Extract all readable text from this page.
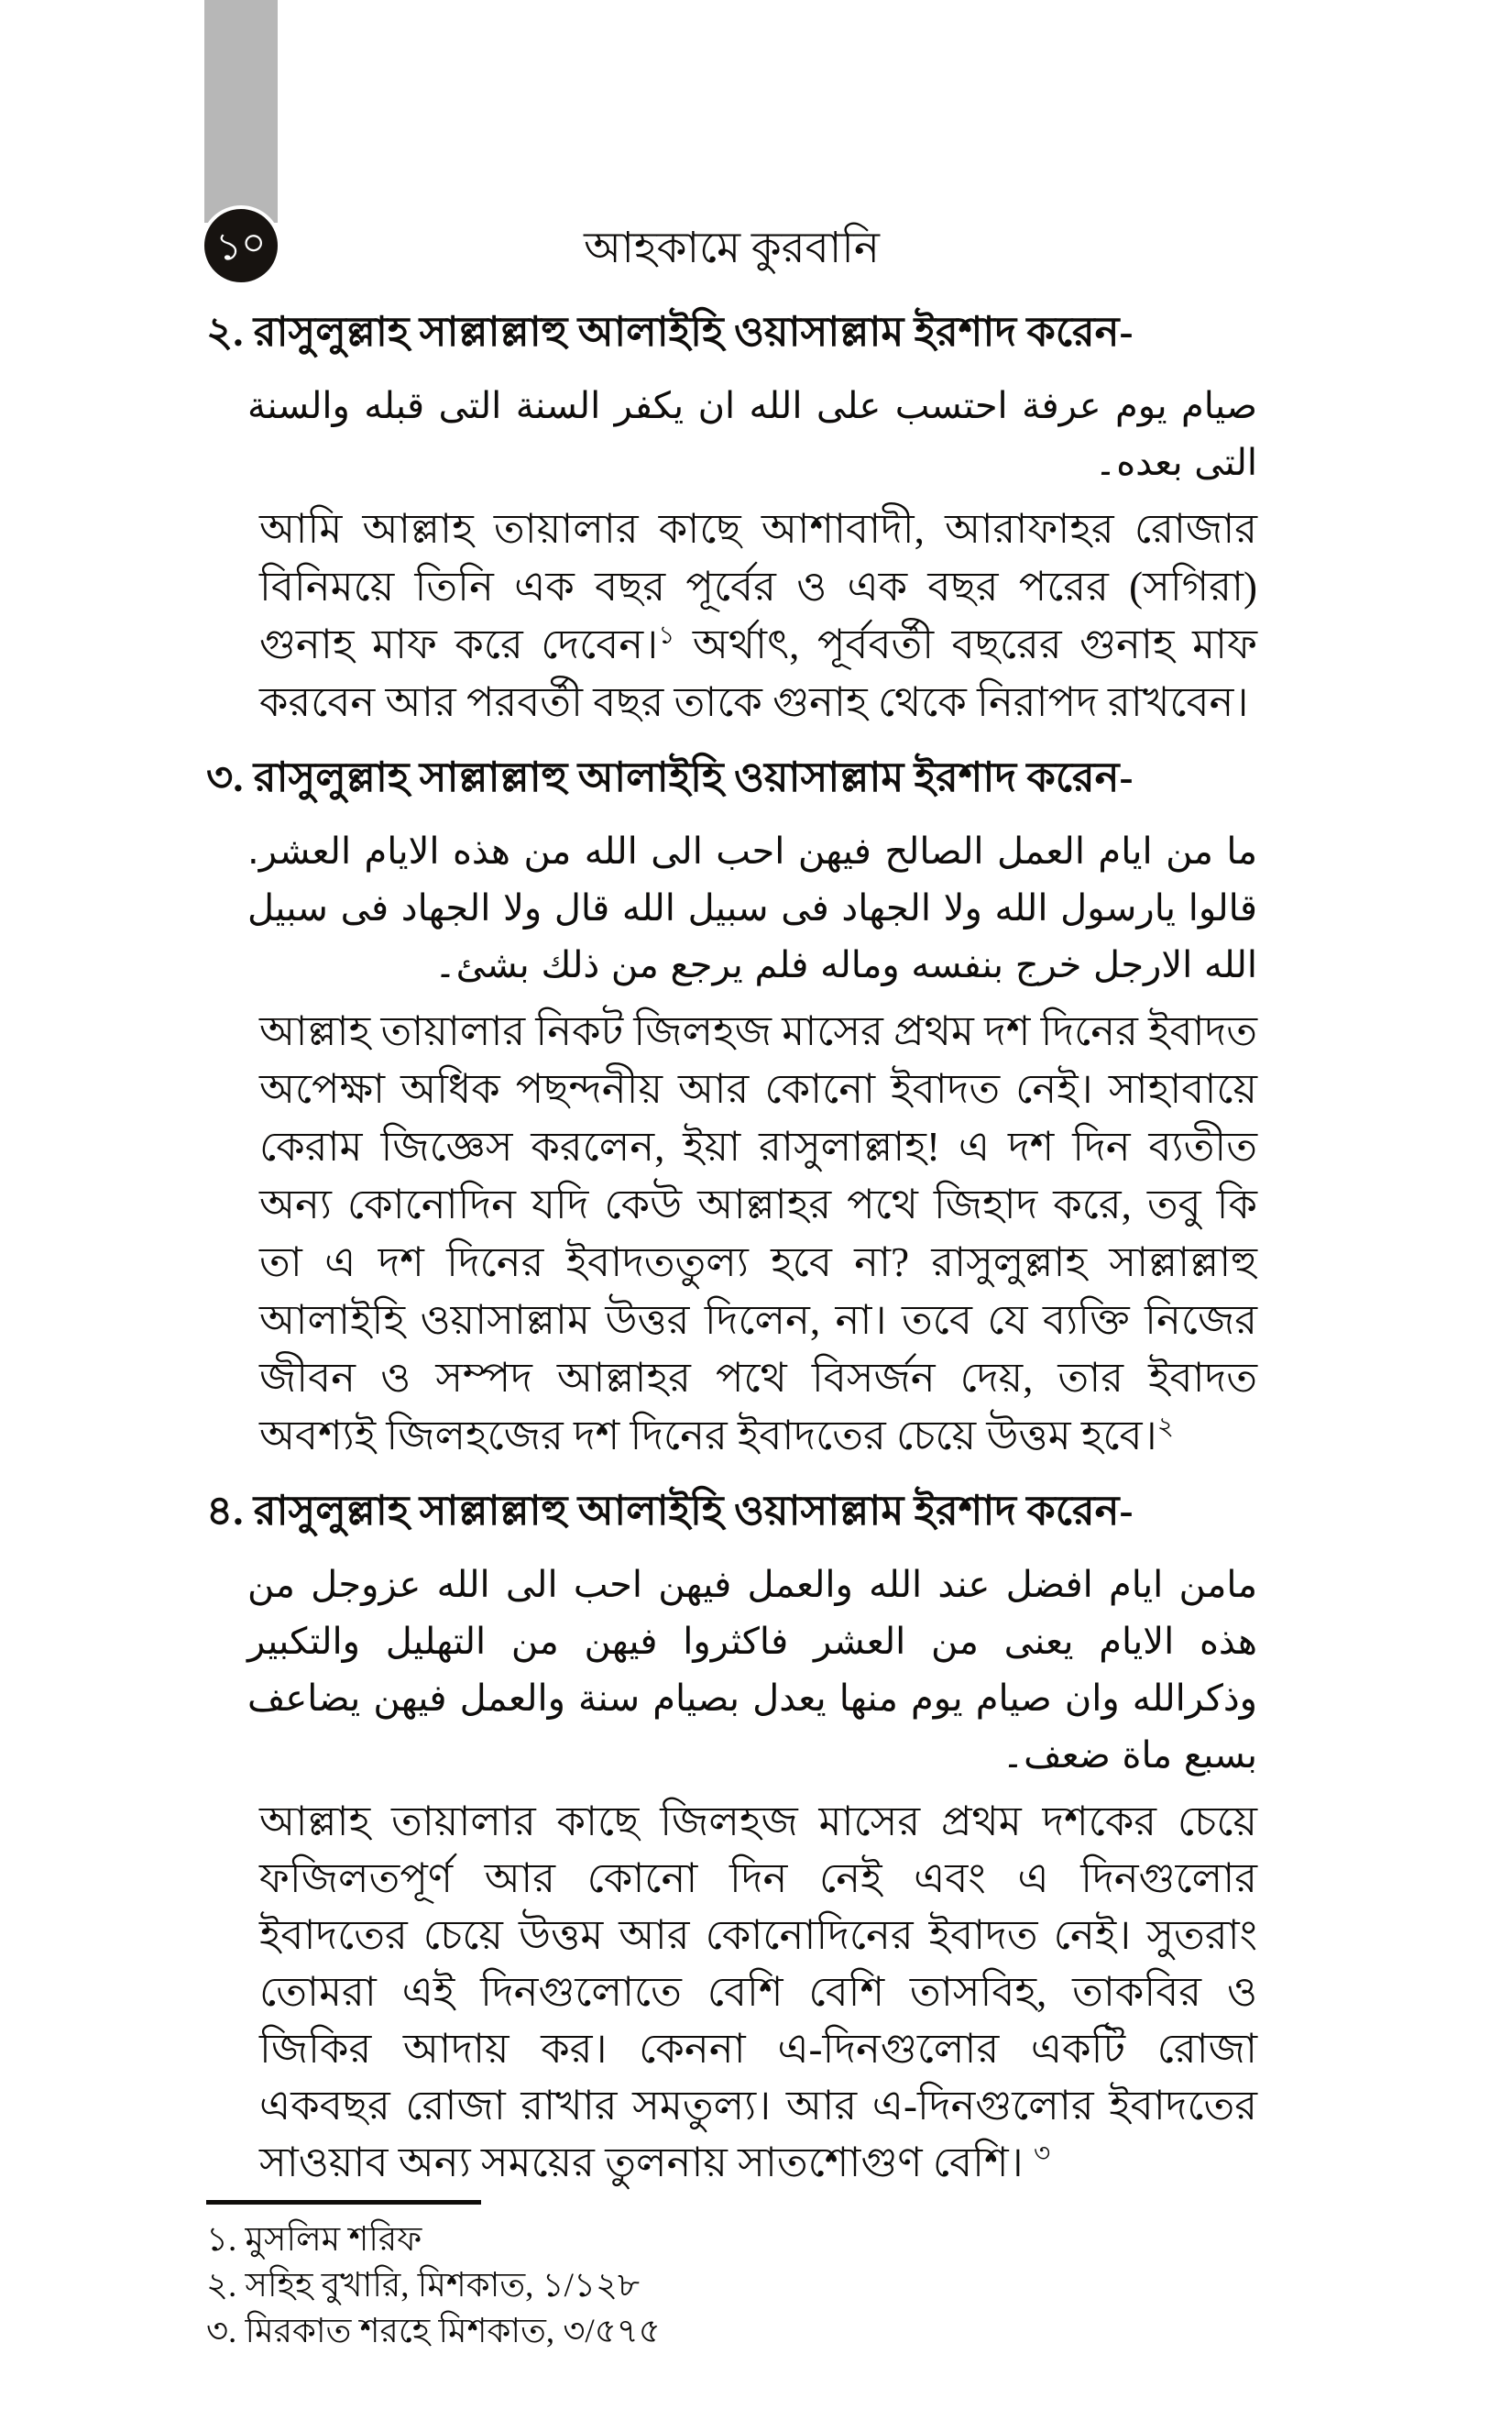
১০	আহকামে কুরবানি
২. রাসুলুল্লাহ সাল্লাল্লাহু আলাইহি ওয়াসাল্লাম ইরশাদ করেন-
صيام يوم عرفة احتسب على الله ان يكفر السنة التى قبله والسنة التى بعده۔
আমি আল্লাহ তায়ালার কাছে আশাবাদী, আরাফাহর রোজার বিনিময়ে তিনি এক বছর পূর্বের ও এক বছর পরের (সগিরা) গুনাহ মাফ করে দেবেন।$^১$ অর্থাৎ, পূর্ববর্তী বছরের গুনাহ মাফ করবেন আর পরবর্তী বছর তাকে গুনাহ থেকে নিরাপদ রাখবেন।
৩. রাসুলুল্লাহ সাল্লাল্লাহু আলাইহি ওয়াসাল্লাম ইরশাদ করেন-
ما من ايام العمل الصالح فيهن احب الى الله من هذه الايام العشر. قالوا يارسول الله ولا الجهاد فى سبيل الله قال ولا الجهاد فى سبيل الله الارجل خرج بنفسه وماله فلم يرجع من ذلك بشئ۔
আল্লাহ তায়ালার নিকট জিলহজ মাসের প্রথম দশ দিনের ইবাদত অপেক্ষা অধিক পছন্দনীয় আর কোনো ইবাদত নেই। সাহাবায়ে কেরাম জিজ্ঞেস করলেন, ইয়া রাসুলাল্লাহ! এ দশ দিন ব্যতীত অন্য কোনোদিন যদি কেউ আল্লাহর পথে জিহাদ করে, তবু কি তা এ দশ দিনের ইবাদততুল্য হবে না? রাসুলুল্লাহ সাল্লাল্লাহু আলাইহি ওয়াসাল্লাম উত্তর দিলেন, না। তবে যে ব্যক্তি নিজের জীবন ও সম্পদ আল্লাহর পথে বিসর্জন দেয়, তার ইবাদত অবশ্যই জিলহজের দশ দিনের ইবাদতের চেয়ে উত্তম হবে।$^২$
৪. রাসুলুল্লাহ সাল্লাল্লাহু আলাইহি ওয়াসাল্লাম ইরশাদ করেন-
مامن ايام افضل عند الله والعمل فيهن احب الى الله عزوجل من هذه الايام يعنى من العشر فاكثروا فيهن من التهليل والتكبير وذكرالله وان صيام يوم منها يعدل بصيام سنة والعمل فيهن يضاعف بسبع ماة ضعف۔
আল্লাহ তায়ালার কাছে জিলহজ মাসের প্রথম দশকের চেয়ে ফজিলতপূর্ণ আর কোনো দিন নেই এবং এ দিনগুলোর ইবাদতের চেয়ে উত্তম আর কোনোদিনের ইবাদত নেই। সুতরাং তোমরা এই দিনগুলোতে বেশি বেশি তাসবিহ, তাকবির ও জিকির আদায় কর। কেননা এ-দিনগুলোর একটি রোজা একবছর রোজা রাখার সমতুল্য। আর এ-দিনগুলোর ইবাদতের সাওয়াব অন্য সময়ের তুলনায় সাতশোগুণ বেশি। $^৩$
১. মুসলিম শরিফ
২. সহিহ বুখারি, মিশকাত, ১/১২৮
৩. মিরকাত শরহে মিশকাত, ৩/৫৭৫
